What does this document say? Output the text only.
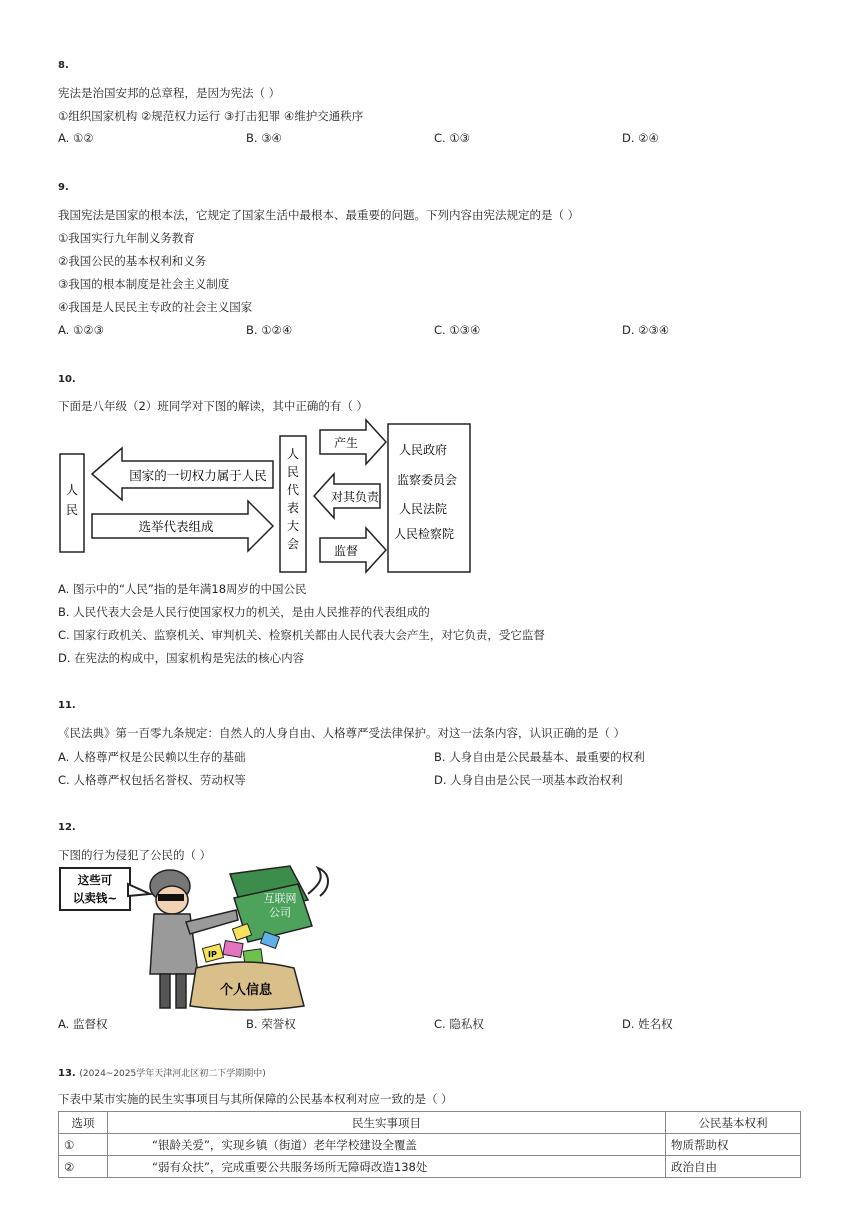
8.
宪法是治国安邦的总章程，是因为宪法（ ）
①组织国家机构 ②规范权力运行 ③打击犯罪 ④维护交通秩序
A. ①②	B. ③④	C. ①③	D. ②④
9.
我国宪法是国家的根本法，它规定了国家生活中最根本、最重要的问题。下列内容由宪法规定的是（ ）
①我国实行九年制义务教育
②我国公民的基本权利和义务
③我国的根本制度是社会主义制度
④我国是人民民主专政的社会主义国家
A. ①②③	B. ①②④	C. ①③④	D. ②③④
10.
下面是八年级（2）班同学对下图的解读，其中正确的有（ ）
人
民
国家的一切权力属于人民
选举代表组成
人
民
代
表
大
会
产生
对其负责
监督
人民政府
监察委员会
人民法院
人民检察院
A. 图示中的“人民”指的是年满18周岁的中国公民
B. 人民代表大会是人民行使国家权力的机关，是由人民推荐的代表组成的
C. 国家行政机关、监察机关、审判机关、检察机关都由人民代表大会产生，对它负责，受它监督
D. 在宪法的构成中，国家机构是宪法的核心内容
11.
《民法典》第一百零九条规定：自然人的人身自由、人格尊严受法律保护。对这一法条内容，认识正确的是（ ）
A. 人格尊严权是公民赖以生存的基础	B. 人身自由是公民最基本、最重要的权利
C. 人格尊严权包括名誉权、劳动权等	D. 人身自由是公民一项基本政治权利
12.
下图的行为侵犯了公民的（ ）
这些可
以卖钱~	互联网
公司
IP
个人信息
A. 监督权	B. 荣誉权	C. 隐私权	D. 姓名权
13. (2024~2025学年天津河北区初二下学期期中)
下表中某市实施的民生实事项目与其所保障的公民基本权利对应一致的是（ ）
选项	民生实事项目	公民基本权利
①	“银龄关爱”，实现乡镇（街道）老年学校建设全覆盖	物质帮助权
②	“弱有众扶”，完成重要公共服务场所无障碍改造138处	政治自由
